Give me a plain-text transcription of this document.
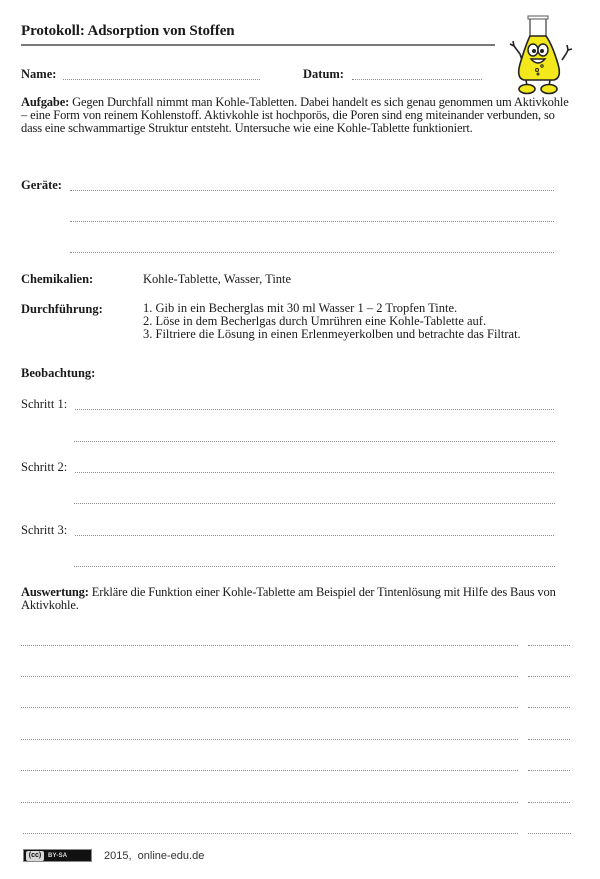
Protokoll: Adsorption von Stoffen
Name:	Datum:
Aufgabe: Gegen Durchfall nimmt man Kohle-Tabletten. Dabei handelt es sich genau genommen um Aktivkohle – eine Form von reinem Kohlenstoff. Aktivkohle ist hochporös, die Poren sind eng miteinander verbunden, so dass eine schwammartige Struktur entsteht. Untersuche wie eine Kohle-Tablette funktioniert.
Geräte:
Chemikalien:	Kohle-Tablette, Wasser, Tinte
Durchführung:	1. Gib in ein Becherglas mit 30 ml Wasser 1 – 2 Tropfen Tinte.
2. Löse in dem Becherlgas durch Umrühren eine Kohle-Tablette auf.
3. Filtriere die Lösung in einen Erlenmeyerkolben und betrachte das Filtrat.
Beobachtung:
Schritt 1:
Schritt 2:
Schritt 3:
Auswertung: Erkläre die Funktion einer Kohle-Tablette am Beispiel der Tintenlösung mit Hilfe des Baus von Aktivkohle.
(cc)	BY-SA	2015,  online-edu.de
